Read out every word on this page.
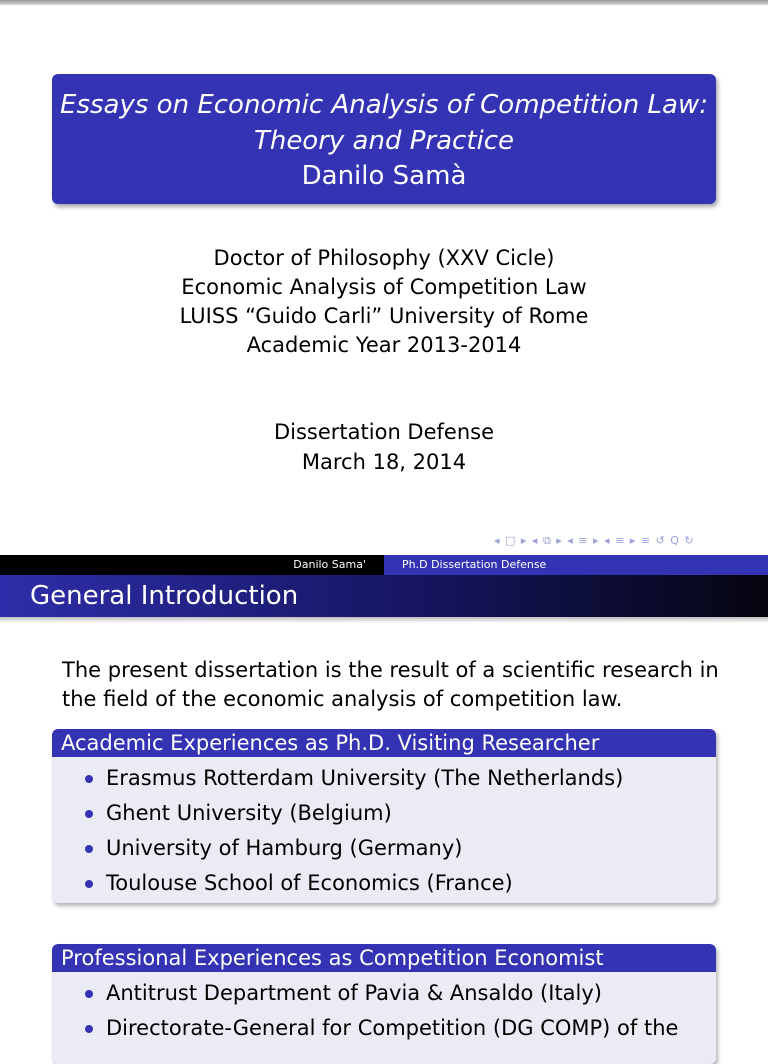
Essays on Economic Analysis of Competition Law:
Theory and Practice
Danilo Samà
Doctor of Philosophy (XXV Cicle)
Economic Analysis of Competition Law
LUISS “Guido Carli” University of Rome
Academic Year 2013-2014
Dissertation Defense
March 18, 2014
◂ □ ▸ ◂ ⧉ ▸ ◂ ≡ ▸ ◂ ≡ ▸ ≡ ↺ Q ↻
Danilo Sama'	Ph.D Dissertation Defense
General Introduction
The present dissertation is the result of a scientific research in the field of the economic analysis of competition law.
Academic Experiences as Ph.D. Visiting Researcher
Erasmus Rotterdam University (The Netherlands)
Ghent University (Belgium)
University of Hamburg (Germany)
Toulouse School of Economics (France)
Professional Experiences as Competition Economist
Antitrust Department of Pavia & Ansaldo (Italy)
Directorate-General for Competition (DG COMP) of the
